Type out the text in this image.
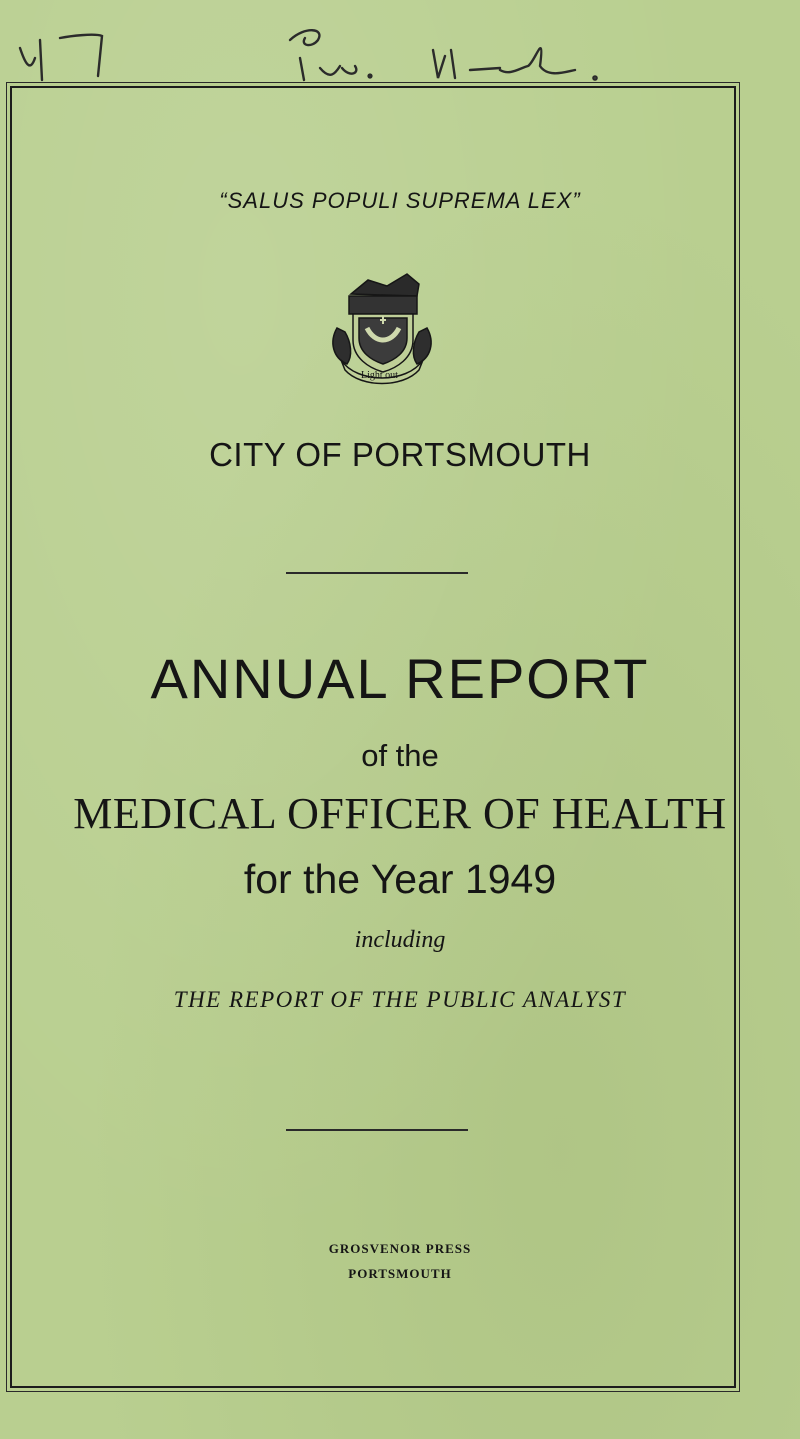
“SALUS POPULI SUPREMA LEX”
Light out
CITY OF PORTSMOUTH
ANNUAL REPORT
of the
MEDICAL OFFICER OF HEALTH
for the Year 1949
including
THE REPORT OF THE PUBLIC ANALYST
GROSVENOR PRESS
PORTSMOUTH
